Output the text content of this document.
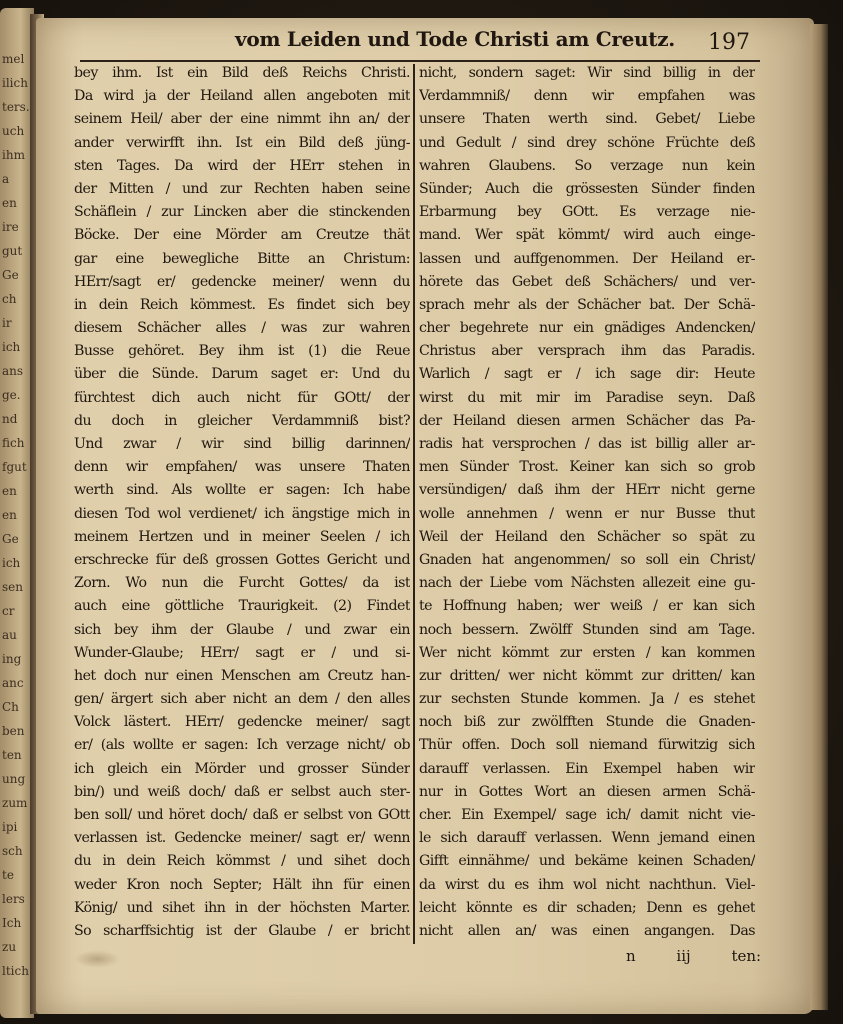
mel
ilich
ters.
uch
ihm
a
en
ire
gut
Ge
ch
ir
ich
ans
ge.
nd
fich
fgut
en
en
Ge
ich
sen
cr
au
ing
anc
Ch
ben
ten
ung
zum
ipi
sch
te
lers
Ich
zu
ltich
vom Leiden und Tode Christi am Creutz. 197
bey ihm. Ist ein Bild deß Reichs Christi.
Da wird ja der Heiland allen angeboten mit
seinem Heil/ aber der eine nimmt ihn an/ der
ander verwirfft ihn. Ist ein Bild deß jüng-
sten Tages. Da wird der HErr stehen in
der Mitten / und zur Rechten haben seine
Schäflein / zur Lincken aber die stinckenden
Böcke. Der eine Mörder am Creutze thät
gar eine bewegliche Bitte an Christum:
HErr/sagt er/ gedencke meiner/ wenn du
in dein Reich kömmest. Es findet sich bey
diesem Schächer alles / was zur wahren
Busse gehöret. Bey ihm ist (1) die Reue
über die Sünde. Darum saget er: Und du
fürchtest dich auch nicht für GOtt/ der
du doch in gleicher Verdammniß bist?
Und zwar / wir sind billig darinnen/
denn wir empfahen/ was unsere Thaten
werth sind. Als wollte er sagen: Ich habe
diesen Tod wol verdienet/ ich ängstige mich in
meinem Hertzen und in meiner Seelen / ich
erschrecke für deß grossen Gottes Gericht und
Zorn. Wo nun die Furcht Gottes/ da ist
auch eine göttliche Traurigkeit. (2) Findet
sich bey ihm der Glaube / und zwar ein
Wunder-Glaube; HErr/ sagt er / und si-
het doch nur einen Menschen am Creutz han-
gen/ ärgert sich aber nicht an dem / den alles
Volck lästert. HErr/ gedencke meiner/ sagt
er/ (als wollte er sagen: Ich verzage nicht/ ob
ich gleich ein Mörder und grosser Sünder
bin/) und weiß doch/ daß er selbst auch ster-
ben soll/ und höret doch/ daß er selbst von GOtt
verlassen ist. Gedencke meiner/ sagt er/ wenn
du in dein Reich kömmst / und sihet doch
weder Kron noch Septer; Hält ihn für einen
König/ und sihet ihn in der höchsten Marter.
So scharffsichtig ist der Glaube / er bricht
nicht, sondern saget: Wir sind billig in der
Verdammniß/ denn wir empfahen was
unsere Thaten werth sind. Gebet/ Liebe
und Gedult / sind drey schöne Früchte deß
wahren Glaubens. So verzage nun kein
Sünder; Auch die grössesten Sünder finden
Erbarmung bey GOtt. Es verzage nie-
mand. Wer spät kömmt/ wird auch einge-
lassen und auffgenommen. Der Heiland er-
hörete das Gebet deß Schächers/ und ver-
sprach mehr als der Schächer bat. Der Schä-
cher begehrete nur ein gnädiges Andencken/
Christus aber versprach ihm das Paradis.
Warlich / sagt er / ich sage dir: Heute
wirst du mit mir im Paradise seyn. Daß
der Heiland diesen armen Schächer das Pa-
radis hat versprochen / das ist billig aller ar-
men Sünder Trost. Keiner kan sich so grob
versündigen/ daß ihm der HErr nicht gerne
wolle annehmen / wenn er nur Busse thut
Weil der Heiland den Schächer so spät zu
Gnaden hat angenommen/ so soll ein Christ/
nach der Liebe vom Nächsten allezeit eine gu-
te Hoffnung haben; wer weiß / er kan sich
noch bessern. Zwölff Stunden sind am Tage.
Wer nicht kömmt zur ersten / kan kommen
zur dritten/ wer nicht kömmt zur dritten/ kan
zur sechsten Stunde kommen. Ja / es stehet
noch biß zur zwölfften Stunde die Gnaden-
Thür offen. Doch soll niemand fürwitzig sich
darauff verlassen. Ein Exempel haben wir
nur in Gottes Wort an diesen armen Schä-
cher. Ein Exempel/ sage ich/ damit nicht vie-
le sich darauff verlassen. Wenn jemand einen
Gifft einnähme/ und bekäme keinen Schaden/
da wirst du es ihm wol nicht nachthun. Viel-
leicht könnte es dir schaden; Denn es gehet
nicht allen an/ was einen angangen. Das
n iij ten:
